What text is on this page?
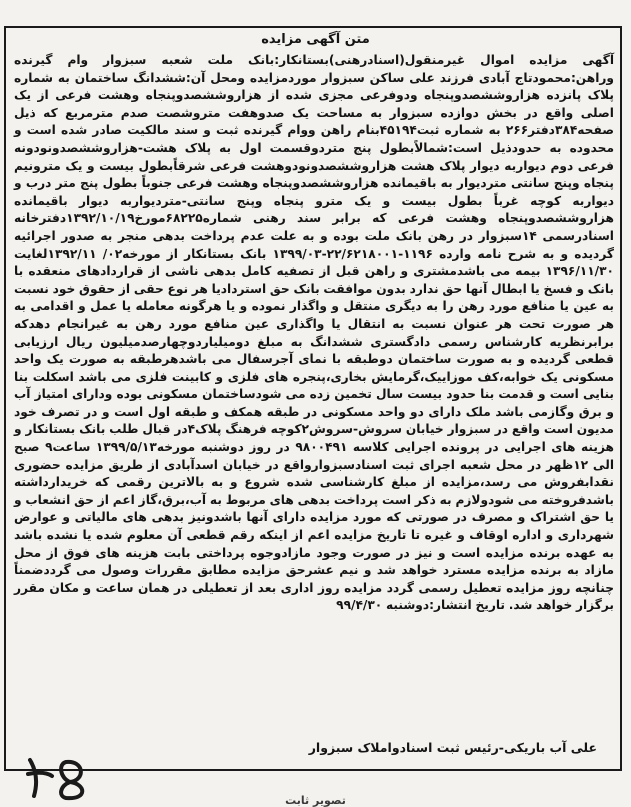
متن آگهی مزایده
آگهی مزایده اموال غیرمنقول(اسنادرهنی)بستانکار:بانک ملت شعبه سبزوار وام گیرنده وراهن:محمودتاج آبادی فرزند علی ساکن سبزوار موردمزایده ومحل آن:ششدانگ ساختمان به شماره پلاک پانزده هزاروششصدوپنجاه ودوفرعی مجزی شده از هزاروششصدوپنجاه وهشت فرعی از یک اصلی واقع در بخش دوازده سبزوار به مساحت یک صدوهفت متروشصت صدم مترمربع که ذیل صفحه۳۸۴دفتر۲۶۶ به شماره ثبت۴۵۱۹۴بنام راهن ووام گیرنده ثبت و سند مالکیت صادر شده است و محدوده به حدودذیل است:شمالاًبطول پنج متردوقسمت اول به پلاک هشت-هزاروششصدونودونه فرعی دوم دیواربه دیوار پلاک هشت هزاروششصدونودوهشت فرعی شرقاًبطول بیست و یک مترونیم پنجاه وپنج سانتی متردیوار به باقیمانده هزاروششصدوپنجاه وهشت فرعی جنوباً بطول پنج متر درب و دیواربه کوچه غرباً بطول بیست و یک مترو پنجاه وپنج سانتی-متردیواربه دیوار باقیمانده هزاروششصدوپنجاه وهشت فرعی که برابر سند رهنی شماره۶۸۲۲۵مورخ۱۳۹۲/۱۰/۱۹دفترخانه اسنادرسمی ۱۴سبزوار در رهن بانک ملت بوده و به علت عدم پرداخت بدهی منجر به صدور اجرائیه گردیده و به شرح نامه وارده ۱۱۹۶-۲۲/۶۲۱۸۰۰۱-۱۳۹۹/۰۳ بانک بستانکار از مورخه۰۲/ ۱۳۹۲/۱۱لغایت ۱۳۹۶/۱۱/۳۰ بیمه می باشدمشتری و راهن قبل از تصفیه کامل بدهی ناشی از قراردادهای منعقده با بانک و فسخ یا ابطال آنها حق ندارد بدون موافقت بانک حق استردادیا هر نوع حقی از حقوق خود نسبت به عین یا منافع مورد رهن را به دیگری منتقل و واگذار نموده و یا هرگونه معامله یا عمل و اقدامی به هر صورت تحت هر عنوان نسبت به انتقال یا واگذاری عین منافع مورد رهن به غیرانجام دهدکه برابرنظریه کارشناس رسمی دادگستری ششدانگ به مبلغ دومیلیاردوچهارصدمیلیون ریال ارزیابی قطعی گردیده و به صورت ساختمان دوطبقه با نمای آجرسفال می باشدهرطبقه به صورت یک واحد مسکونی یک خوابه،کف موزاییک،گرمایش بخاری،پنجره های فلزی و کابینت فلزی می باشد اسکلت بنا بنایی است و قدمت بنا حدود بیست سال تخمین زده می شودساختمان مسکونی بوده ودارای امتیاز آب و برق وگازمی باشد ملک دارای دو واحد مسکونی در طبقه همکف و طبقه اول است و در تصرف خود مدیون است واقع در سبزوار خیابان سروش-سروش۲کوچه فرهنگ پلاک۴در قبال طلب بانک بستانکار و هزینه های اجرایی در پرونده اجرایی کلاسه ۹۸۰۰۴۹۱ در روز دوشنبه مورخه۱۳۹۹/۵/۱۳ ساعت۹ صبح الی ۱۲ظهر در محل شعبه اجرای ثبت اسنادسبزوارواقع در خیابان اسدآبادی از طریق مزایده حضوری نقدابفروش می رسد،مزایده از مبلغ کارشناسی شده شروع و به بالاترین رقمی که خریدارداشته باشدفروخته می شودولازم به ذکر است پرداخت بدهی های مربوط به آب،برق،گاز اعم از حق انشعاب و یا حق اشتراک و مصرف در صورتی که مورد مزایده دارای آنها باشدونیز بدهی های مالیاتی و عوارض شهرداری و اداره اوقاف و غیره تا تاریخ مزایده اعم از اینکه رقم قطعی آن معلوم شده یا نشده باشد به عهده برنده مزایده است و نیز در صورت وجود مازادوجوه پرداختی بابت هزینه های فوق از محل مازاد به برنده مزایده مسترد خواهد شد و نیم عشرحق مزایده مطابق مقررات وصول می گرددضمناً چنانچه روز مزایده تعطیل رسمی گردد مزایده روز اداری بعد از تعطیلی در همان ساعت و مکان مقرر برگزار خواهد شد. تاریخ انتشار:دوشنبه ۹۹/۴/۳۰
علی آب باریکی-رئیس ثبت اسنادواملاک سبزوار
تصویر ثابت
